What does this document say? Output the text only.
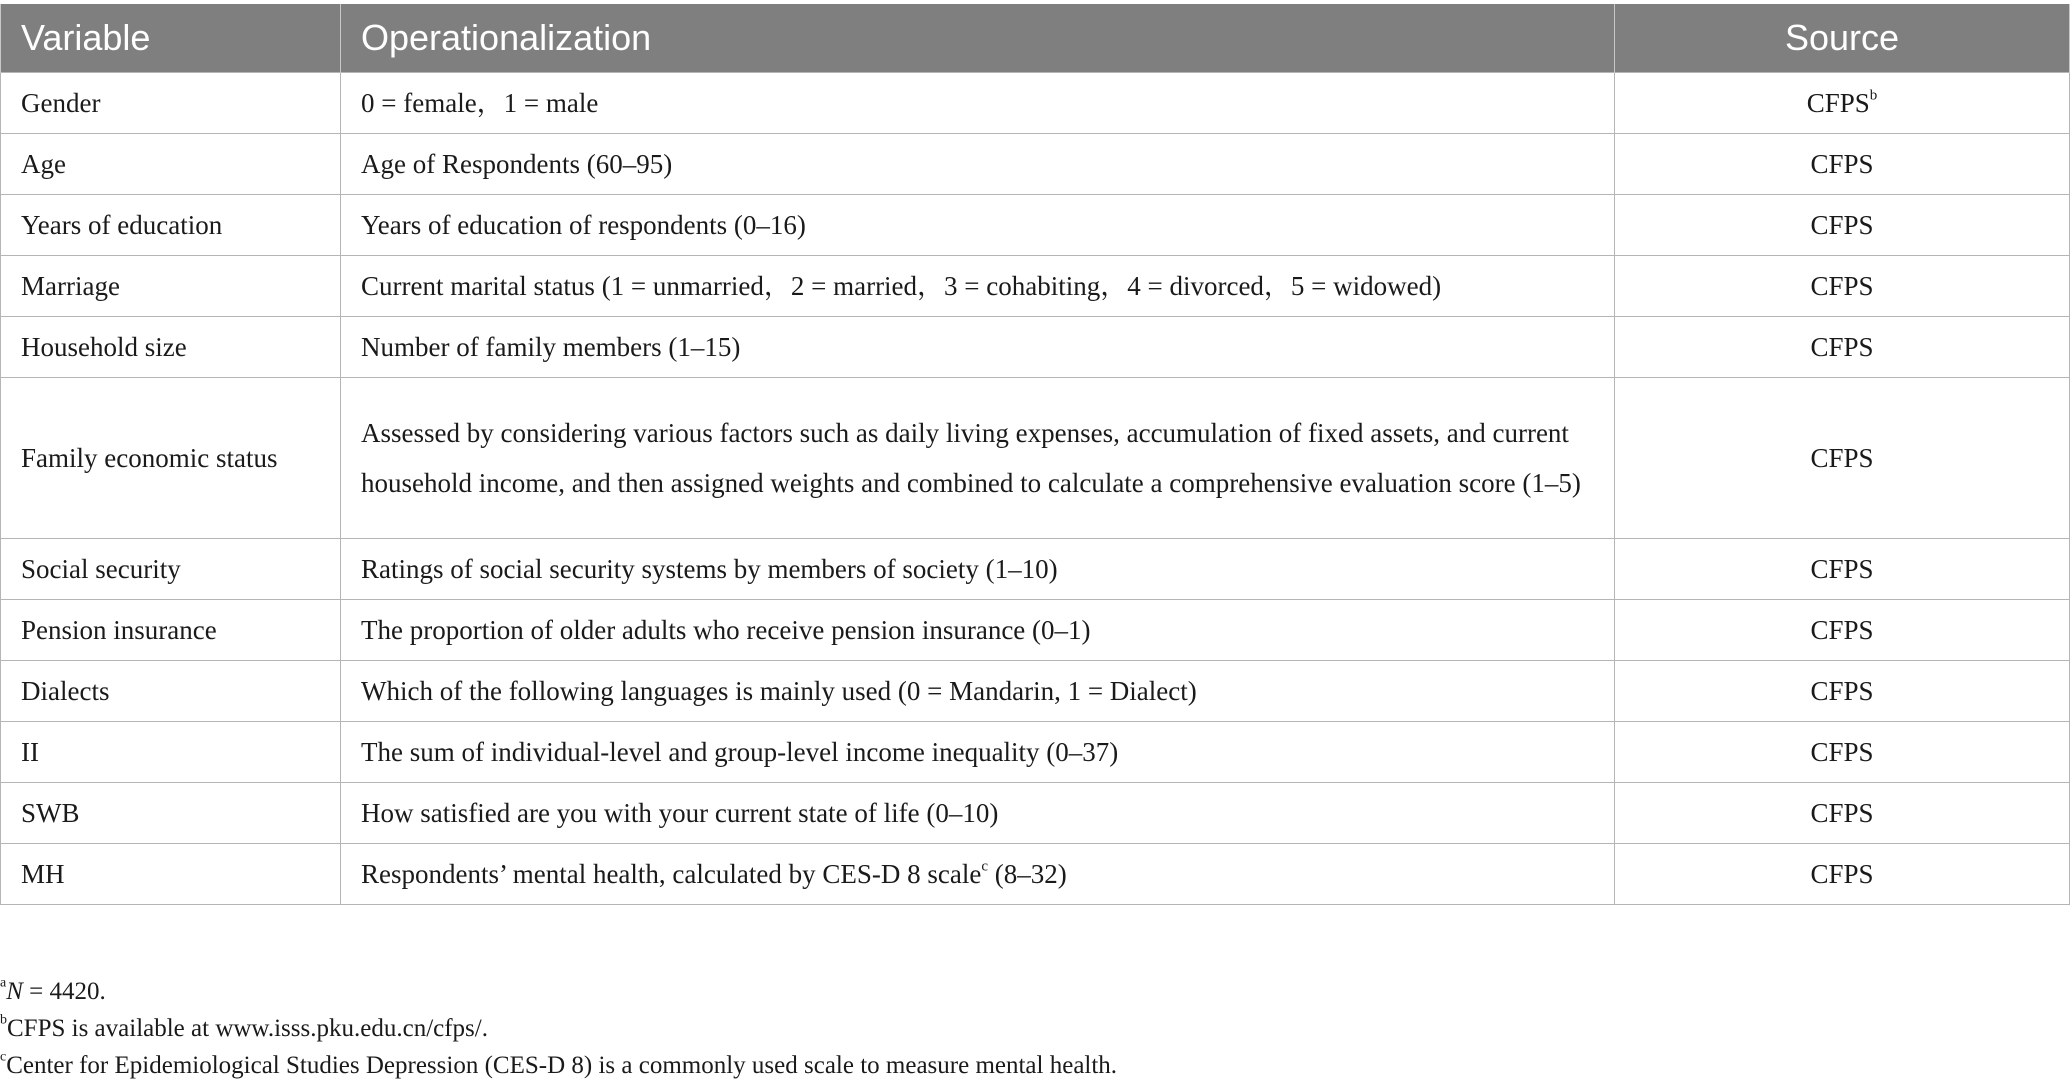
Variable	Operationalization	Source
Gender	0 = female，1 = male	CFPS$^b$
Age	Age of Respondents (60–95)	CFPS
Years of education	Years of education of respondents (0–16)	CFPS
Marriage	Current marital status (1 = unmarried，2 = married，3 = cohabiting，4 = divorced，5 = widowed)	CFPS
Household size	Number of family members (1–15)	CFPS
Family economic status	Assessed by considering various factors such as daily living expenses, accumulation of fixed assets, and current household income, and then assigned weights and combined to calculate a comprehensive evaluation score (1–5)	CFPS
Social security	Ratings of social security systems by members of society (1–10)	CFPS
Pension insurance	The proportion of older adults who receive pension insurance (0–1)	CFPS
Dialects	Which of the following languages is mainly used (0 = Mandarin, 1 = Dialect)	CFPS
II	The sum of individual-level and group-level income inequality (0–37)	CFPS
SWB	How satisfied are you with your current state of life (0–10)	CFPS
MH	Respondents’ mental health, calculated by CES-D 8 scale$^c$ (8–32)	CFPS

$^a$N = 4420.

$^b$CFPS is available at www.isss.pku.edu.cn/cfps/.

$^c$Center for Epidemiological Studies Depression (CES-D 8) is a commonly used scale to measure mental health.
